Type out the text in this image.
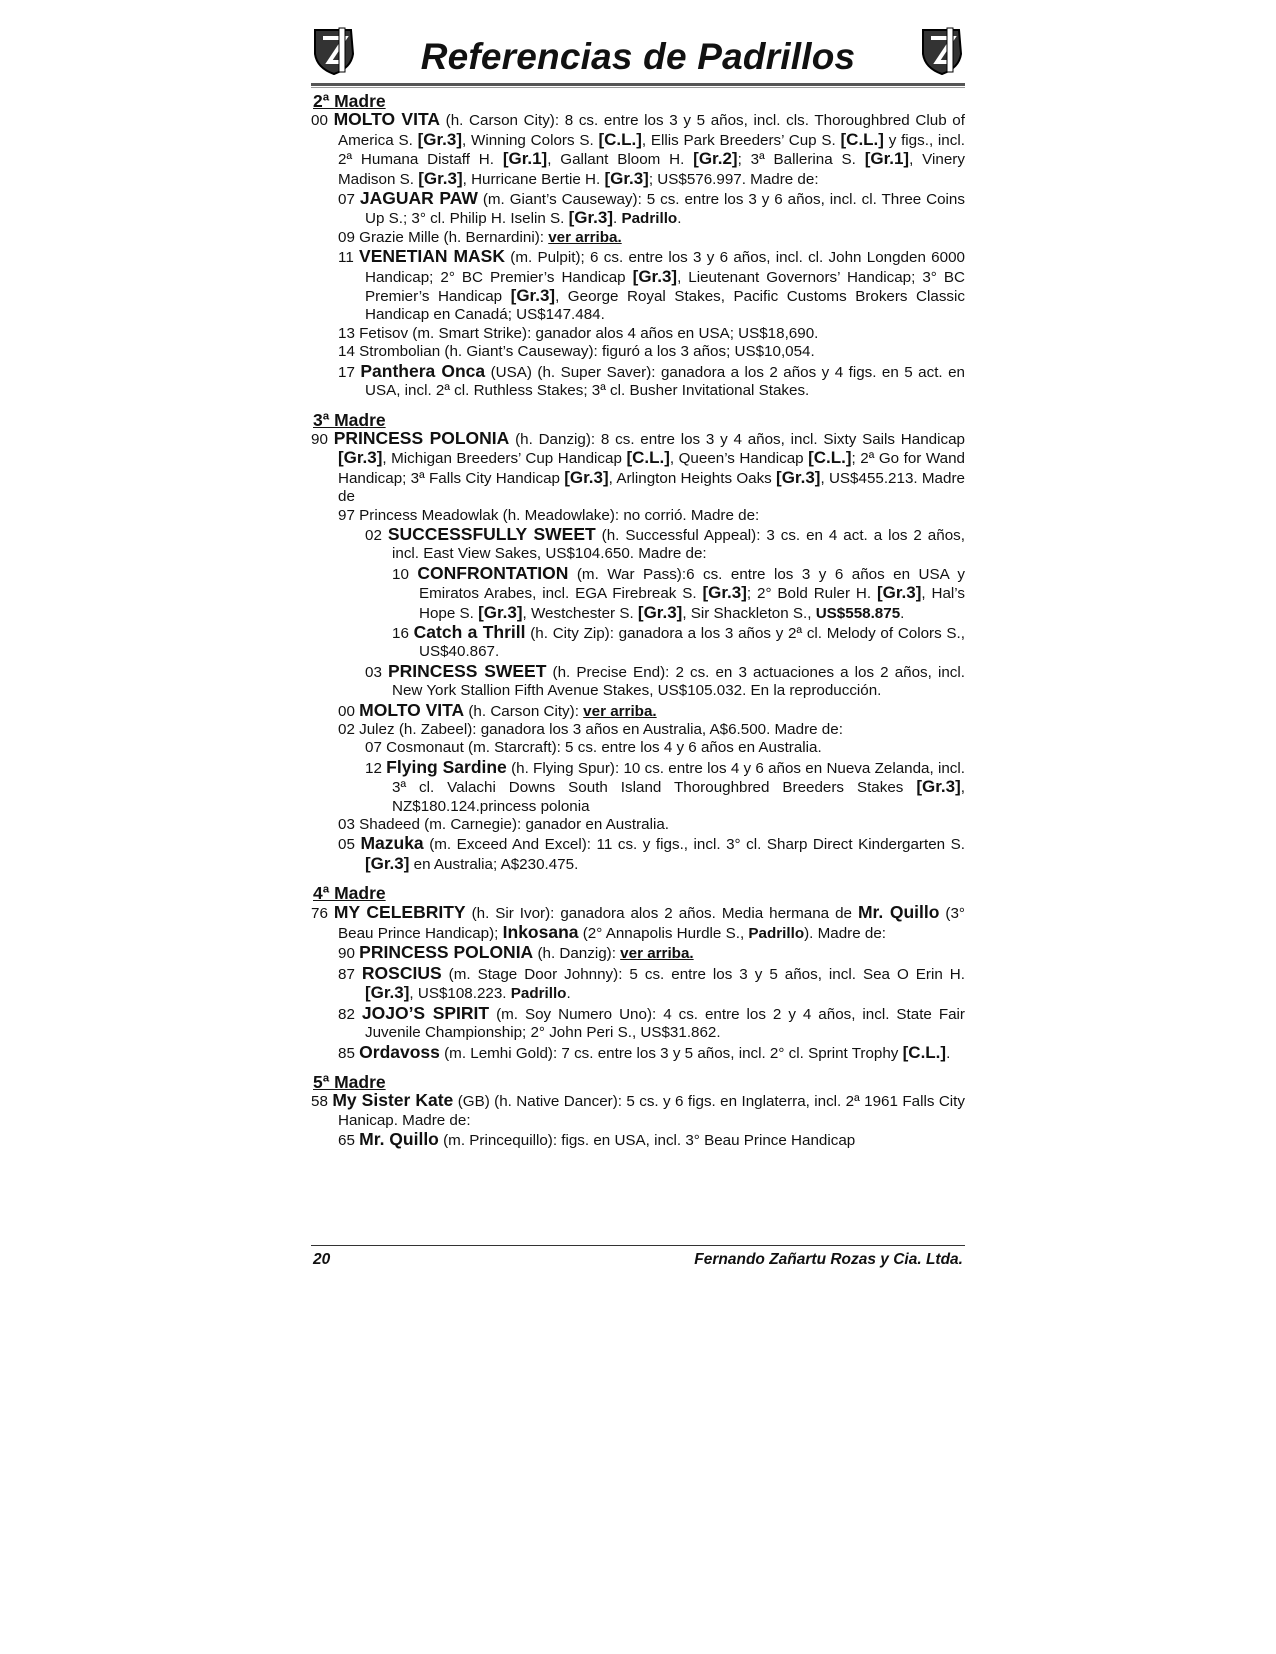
Referencias de Padrillos
2ª Madre
00 MOLTO VITA (h. Carson City): 8 cs. entre los 3 y 5 años, incl. cls. Thoroughbred Club of America S. [Gr.3], Winning Colors S. [C.L.], Ellis Park Breeders’ Cup S. [C.L.] y figs., incl. 2ª Humana Distaff H. [Gr.1], Gallant Bloom H. [Gr.2]; 3ª Ballerina S. [Gr.1], Vinery Madison S. [Gr.3], Hurricane Bertie H. [Gr.3]; US$576.997. Madre de:
07 JAGUAR PAW (m. Giant’s Causeway): 5 cs. entre los 3 y 6 años, incl. cl. Three Coins Up S.; 3° cl. Philip H. Iselin S. [Gr.3]. Padrillo.
09 Grazie Mille (h. Bernardini): ver arriba.
11 VENETIAN MASK (m. Pulpit); 6 cs. entre los 3 y 6 años, incl. cl. John Longden 6000 Handicap; 2° BC Premier’s Handicap [Gr.3], Lieutenant Governors’ Handicap; 3° BC Premier’s Handicap [Gr.3], George Royal Stakes, Pacific Customs Brokers Classic Handicap en Canadá; US$147.484.
13 Fetisov (m. Smart Strike): ganador alos 4 años en USA; US$18,690.
14 Strombolian (h. Giant’s Causeway): figuró a los 3 años; US$10,054.
17 Panthera Onca (USA) (h. Super Saver): ganadora a los 2 años y 4 figs. en 5 act. en USA, incl. 2ª cl. Ruthless Stakes; 3ª cl. Busher Invitational Stakes.
3ª Madre
90 PRINCESS POLONIA (h. Danzig): 8 cs. entre los 3 y 4 años, incl. Sixty Sails Handicap [Gr.3], Michigan Breeders’ Cup Handicap [C.L.], Queen’s Handicap [C.L.]; 2ª Go for Wand Handicap; 3ª Falls City Handicap [Gr.3], Arlington Heights Oaks [Gr.3], US$455.213. Madre de
97 Princess Meadowlak (h. Meadowlake): no corrió. Madre de:
02 SUCCESSFULLY SWEET (h. Successful Appeal): 3 cs. en 4 act. a los 2 años, incl. East View Sakes, US$104.650. Madre de:
10 CONFRONTATION (m. War Pass):6 cs. entre los 3 y 6 años en USA y Emiratos Arabes, incl. EGA Firebreak S. [Gr.3]; 2° Bold Ruler H. [Gr.3], Hal’s Hope S. [Gr.3], Westchester S. [Gr.3], Sir Shackleton S., US$558.875.
16 Catch a Thrill (h. City Zip): ganadora a los 3 años y 2ª cl. Melody of Colors S., US$40.867.
03 PRINCESS SWEET (h. Precise End): 2 cs. en 3 actuaciones a los 2 años, incl. New York Stallion Fifth Avenue Stakes, US$105.032. En la reproducción.
00 MOLTO VITA (h. Carson City): ver arriba.
02 Julez (h. Zabeel): ganadora los 3 años en Australia, A$6.500. Madre de:
07 Cosmonaut (m. Starcraft): 5 cs. entre los 4 y 6 años en Australia.
12 Flying Sardine (h. Flying Spur): 10 cs. entre los 4 y 6 años en Nueva Zelanda, incl. 3ª cl. Valachi Downs South Island Thoroughbred Breeders Stakes [Gr.3], NZ$180.124.princess polonia
03 Shadeed (m. Carnegie): ganador en Australia.
05 Mazuka (m. Exceed And Excel): 11 cs. y figs., incl. 3° cl. Sharp Direct Kindergarten S. [Gr.3] en Australia; A$230.475.
4ª Madre
76 MY CELEBRITY (h. Sir Ivor): ganadora alos 2 años. Media hermana de Mr. Quillo (3° Beau Prince Handicap); Inkosana (2° Annapolis Hurdle S., Padrillo). Madre de:
90 PRINCESS POLONIA (h. Danzig): ver arriba.
87 ROSCIUS (m. Stage Door Johnny): 5 cs. entre los 3 y 5 años, incl. Sea O Erin H. [Gr.3], US$108.223. Padrillo.
82 JOJO’S SPIRIT (m. Soy Numero Uno): 4 cs. entre los 2 y 4 años, incl. State Fair Juvenile Championship; 2° John Peri S., US$31.862.
85 Ordavoss (m. Lemhi Gold): 7 cs. entre los 3 y 5 años, incl. 2° cl. Sprint Trophy [C.L.].
5ª Madre
58 My Sister Kate (GB) (h. Native Dancer): 5 cs. y 6 figs. en Inglaterra, incl. 2ª 1961 Falls City Hanicap. Madre de:
65 Mr. Quillo (m. Princequillo): figs. en USA, incl. 3° Beau Prince Handicap
20	Fernando Zañartu Rozas y Cia. Ltda.
